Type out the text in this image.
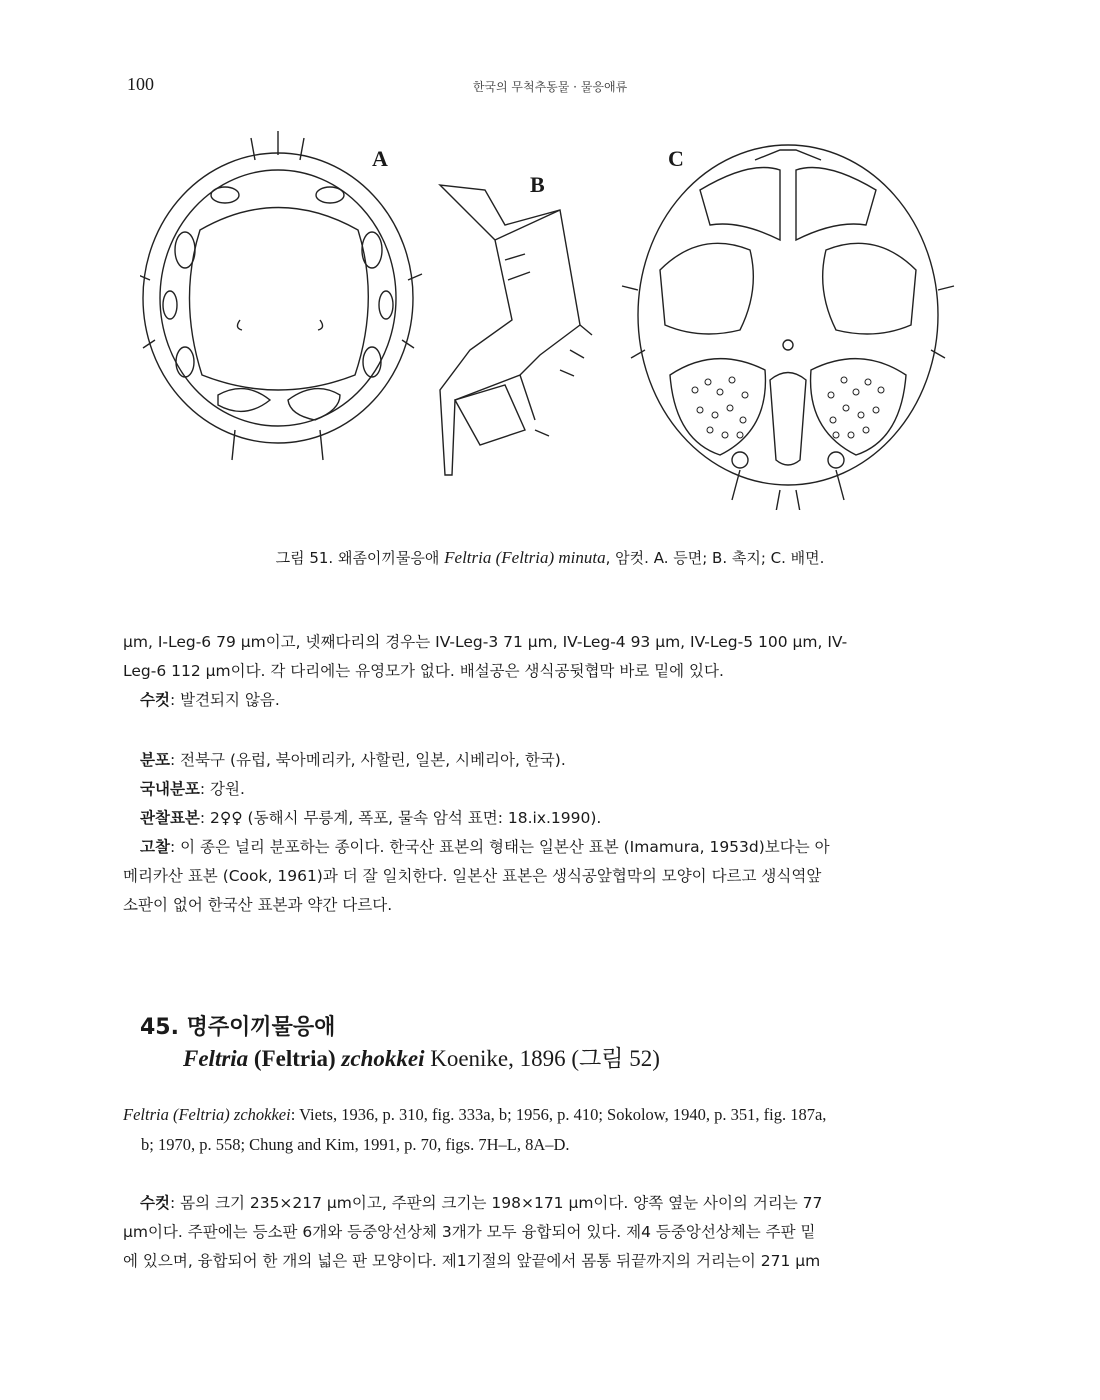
100	한국의 무척추동물 · 물응애류
A
B
C
그림 51. 왜좀이끼물응애 Feltria (Feltria) minuta, 암컷. A. 등면; B. 촉지; C. 배면.
μm, I-Leg-6 79 μm이고, 넷째다리의 경우는 IV-Leg-3 71 μm, IV-Leg-4 93 μm, IV-Leg-5 100 μm, IV-
Leg-6 112 μm이다. 각 다리에는 유영모가 없다. 배설공은 생식공뒷협막 바로 밑에 있다.
수컷: 발견되지 않음.
분포: 전북구 (유럽, 북아메리카, 사할린, 일본, 시베리아, 한국).
국내분포: 강원.
관찰표본: 2♀♀ (동해시 무릉계, 폭포, 물속 암석 표면: 18.ix.1990).
고찰: 이 종은 널리 분포하는 종이다. 한국산 표본의 형태는 일본산 표본 (Imamura, 1953d)보다는 아
메리카산 표본 (Cook, 1961)과 더 잘 일치한다. 일본산 표본은 생식공앞협막의 모양이 다르고 생식역앞
소판이 없어 한국산 표본과 약간 다르다.
45. 명주이끼물응애
Feltria (Feltria) zchokkei Koenike, 1896 (그림 52)
Feltria (Feltria) zchokkei: Viets, 1936, p. 310, fig. 333a, b; 1956, p. 410; Sokolow, 1940, p. 351, fig. 187a,
b; 1970, p. 558; Chung and Kim, 1991, p. 70, figs. 7H–L, 8A–D.
수컷: 몸의 크기 235×217 μm이고, 주판의 크기는 198×171 μm이다. 양쪽 옆눈 사이의 거리는 77
μm이다. 주판에는 등소판 6개와 등중앙선상체 3개가 모두 융합되어 있다. 제4 등중앙선상체는 주판 밑
에 있으며, 융합되어 한 개의 넓은 판 모양이다. 제1기절의 앞끝에서 몸통 뒤끝까지의 거리는이 271 μm
